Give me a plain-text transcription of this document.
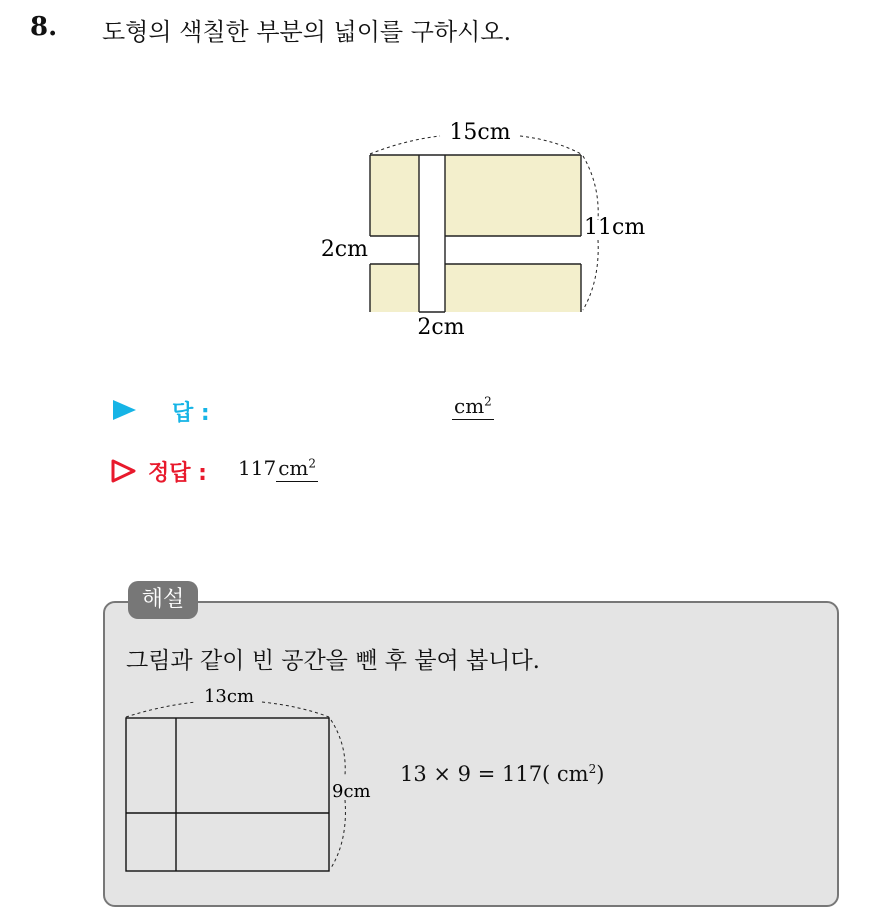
8. 도형의 색칠한 부분의 넓이를 구하시오.
15cm
11cm
2cm
2cm
답 :	$cm^2$
정답 : 117 $cm^2$
해설
그림과 같이 빈 공간을 뺀 후 붙여 봅니다.
13cm
9cm
13 × 9 = 117( $cm^2$)
